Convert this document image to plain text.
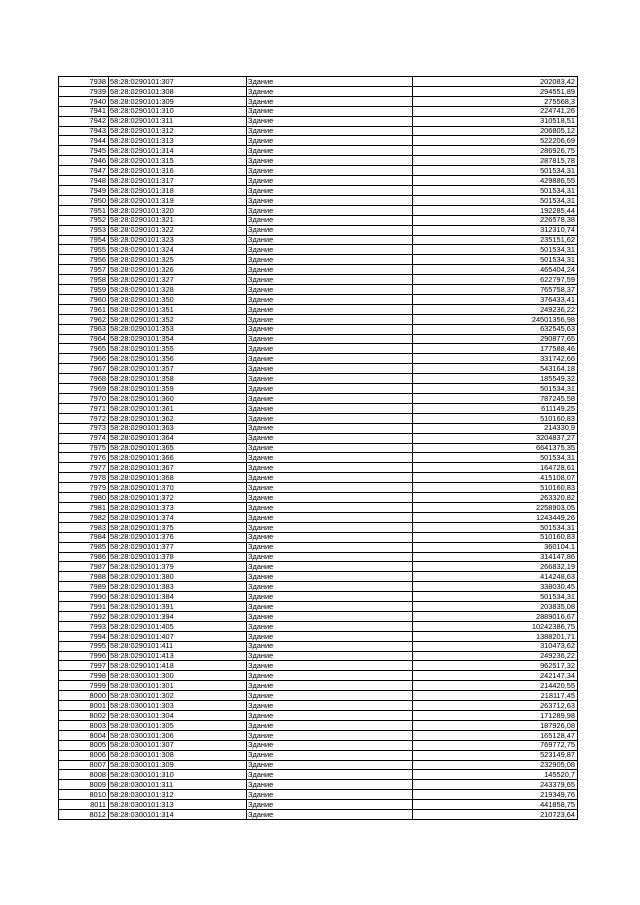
7938	58:28:0290101:307	Здание	202083,42
7939	58:28:0290101:308	Здание	294551,89
7940	58:28:0290101:309	Здание	275568,3
7941	58:28:0290101:310	Здание	224741,26
7942	58:28:0290101:311	Здание	310518,51
7943	58:28:0290101:312	Здание	206805,12
7944	58:28:0290101:313	Здание	522206,69
7945	58:28:0290101:314	Здание	286926,75
7946	58:28:0290101:315	Здание	287815,78
7947	58:28:0290101:316	Здание	501534,31
7948	58:28:0290101:317	Здание	429886,55
7949	58:28:0290101:318	Здание	501534,31
7950	58:28:0290101:319	Здание	501534,31
7951	58:28:0290101:320	Здание	192285,44
7952	58:28:0290101:321	Здание	226578,38
7953	58:28:0290101:322	Здание	312310,74
7954	58:28:0290101:323	Здание	235151,62
7955	58:28:0290101:324	Здание	501534,31
7956	58:28:0290101:325	Здание	501534,31
7957	58:28:0290101:326	Здание	465404,24
7958	58:28:0290101:327	Здание	622797,59
7959	58:28:0290101:328	Здание	765758,37
7960	58:28:0290101:350	Здание	376433,41
7961	58:28:0290101:351	Здание	249236,22
7962	58:28:0290101:352	Здание	24501356,98
7963	58:28:0290101:353	Здание	632545,63
7964	58:28:0290101:354	Здание	290877,65
7965	58:28:0290101:355	Здание	177588,46
7966	58:28:0290101:356	Здание	331742,66
7967	58:28:0290101:357	Здание	543164,18
7968	58:28:0290101:358	Здание	185549,32
7969	58:28:0290101:359	Здание	501534,31
7970	58:28:0290101:360	Здание	787245,58
7971	58:28:0290101:361	Здание	611149,25
7972	58:28:0290101:362	Здание	510160,83
7973	58:28:0290101:363	Здание	214330,9
7974	58:28:0290101:364	Здание	3204837,27
7975	58:28:0290101:365	Здание	6641375,35
7976	58:28:0290101:366	Здание	501534,31
7977	58:28:0290101:367	Здание	164728,61
7978	58:28:0290101:368	Здание	415108,07
7979	58:28:0290101:370	Здание	510160,83
7980	58:28:0290101:372	Здание	263320,82
7981	58:28:0290101:373	Здание	2258903,05
7982	58:28:0290101:374	Здание	1243449,26
7983	58:28:0290101:375	Здание	501534,31
7984	58:28:0290101:376	Здание	510160,83
7985	58:28:0290101:377	Здание	360104,1
7986	58:28:0290101:378	Здание	314147,86
7987	58:28:0290101:379	Здание	266832,19
7988	58:28:0290101:380	Здание	414248,63
7989	58:28:0290101:383	Здание	338030,45
7990	58:28:0290101:384	Здание	501534,31
7991	58:28:0290101:391	Здание	203835,08
7992	58:28:0290101:394	Здание	2889016,67
7993	58:28:0290101:405	Здание	10242386,75
7994	58:28:0290101:407	Здание	1388201,71
7995	58:28:0290101:411	Здание	310473,62
7996	58:28:0290101:413	Здание	249236,22
7997	58:28:0290101:418	Здание	962517,32
7998	58:28:0300101:300	Здание	242147,34
7999	58:28:0300101:301	Здание	214420,55
8000	58:28:0300101:302	Здание	218117,45
8001	58:28:0300101:303	Здание	263712,63
8002	58:28:0300101:304	Здание	171289,98
8003	58:28:0300101:305	Здание	187926,08
8004	58:28:0300101:306	Здание	165128,47
8005	58:28:0300101:307	Здание	769772,75
8006	58:28:0300101:308	Здание	523149,87
8007	58:28:0300101:309	Здание	232905,08
8008	58:28:0300101:310	Здание	145520,7
8009	58:28:0300101:311	Здание	243379,65
8010	58:28:0300101:312	Здание	219349,76
8011	58:28:0300101:313	Здание	441858,75
8012	58:28:0300101:314	Здание	210723,64
